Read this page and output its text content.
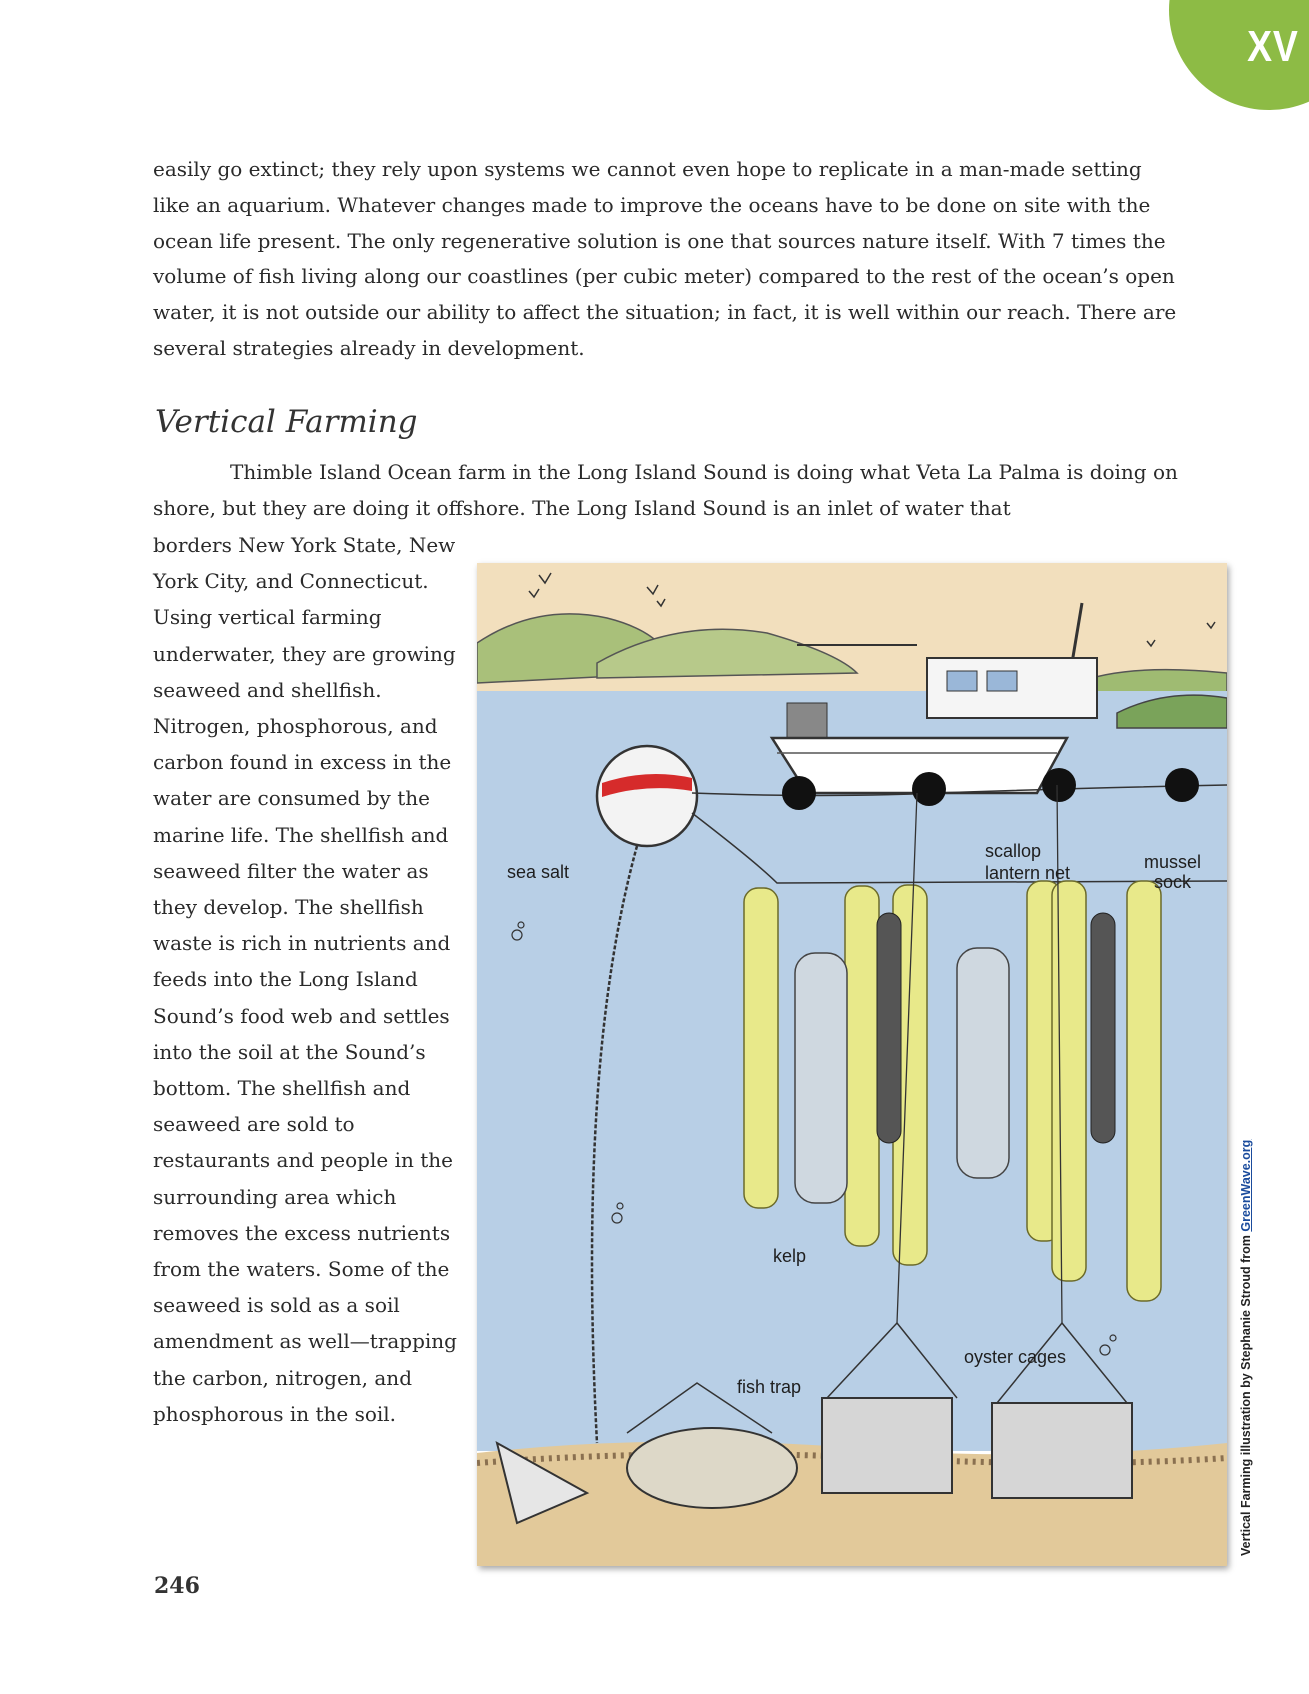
XV
easily go extinct; they rely upon systems we cannot even hope to replicate in a man-made setting like an aquarium. Whatever changes made to improve the oceans have to be done on site with the ocean life present. The only regenerative solution is one that sources nature itself. With 7 times the volume of fish living along our coastlines (per cubic meter) compared to the rest of the ocean’s open water, it is not outside our ability to affect the situation; in fact, it is well within our reach. There are several strategies already in development.
Vertical Farming
Thimble Island Ocean farm in the Long Island Sound is doing what Veta La Palma is doing on shore, but they are doing it offshore. The Long Island Sound is an inlet of water that
borders New York State, New York City, and Connecticut. Using vertical farming underwater, they are growing seaweed and shellfish. Nitrogen, phosphorous, and carbon found in excess in the water are consumed by the marine life. The shellfish and seaweed filter the water as they develop. The shellfish waste is rich in nutrients and feeds into the Long Island Sound’s food web and settles into the soil at the Sound’s bottom. The shellfish and seaweed are sold to restaurants and people in the surrounding area which removes the excess nutrients from the waters. Some of the seaweed is sold as a soil amendment as well—trapping the carbon, nitrogen, and phosphorous in the soil.
sea salt
scallop
lantern net
mussel
sock
kelp
fish trap
oyster cages	Vertical Farming illustration by Stephanie Stroud from GreenWave.org
246
